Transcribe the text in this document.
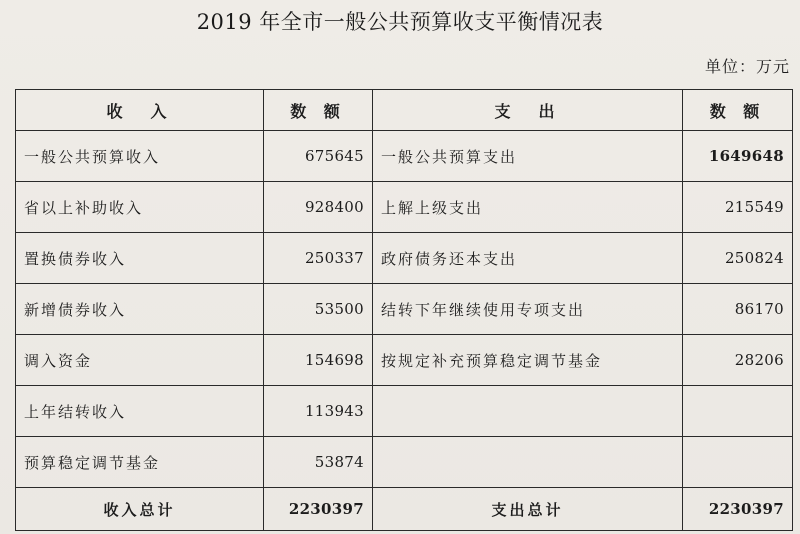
2019 年全市一般公共预算收支平衡情况表
单位：万元
收　入	数 额	支　出	数 额
一般公共预算收入	675645	一般公共预算支出	1649648
省以上补助收入	928400	上解上级支出	215549
置换债券收入	250337	政府债务还本支出	250824
新增债券收入	53500	结转下年继续使用专项支出	86170
调入资金	154698	按规定补充预算稳定调节基金	28206
上年结转收入	113943		
预算稳定调节基金	53874		
收入总计	2230397	支出总计	2230397
